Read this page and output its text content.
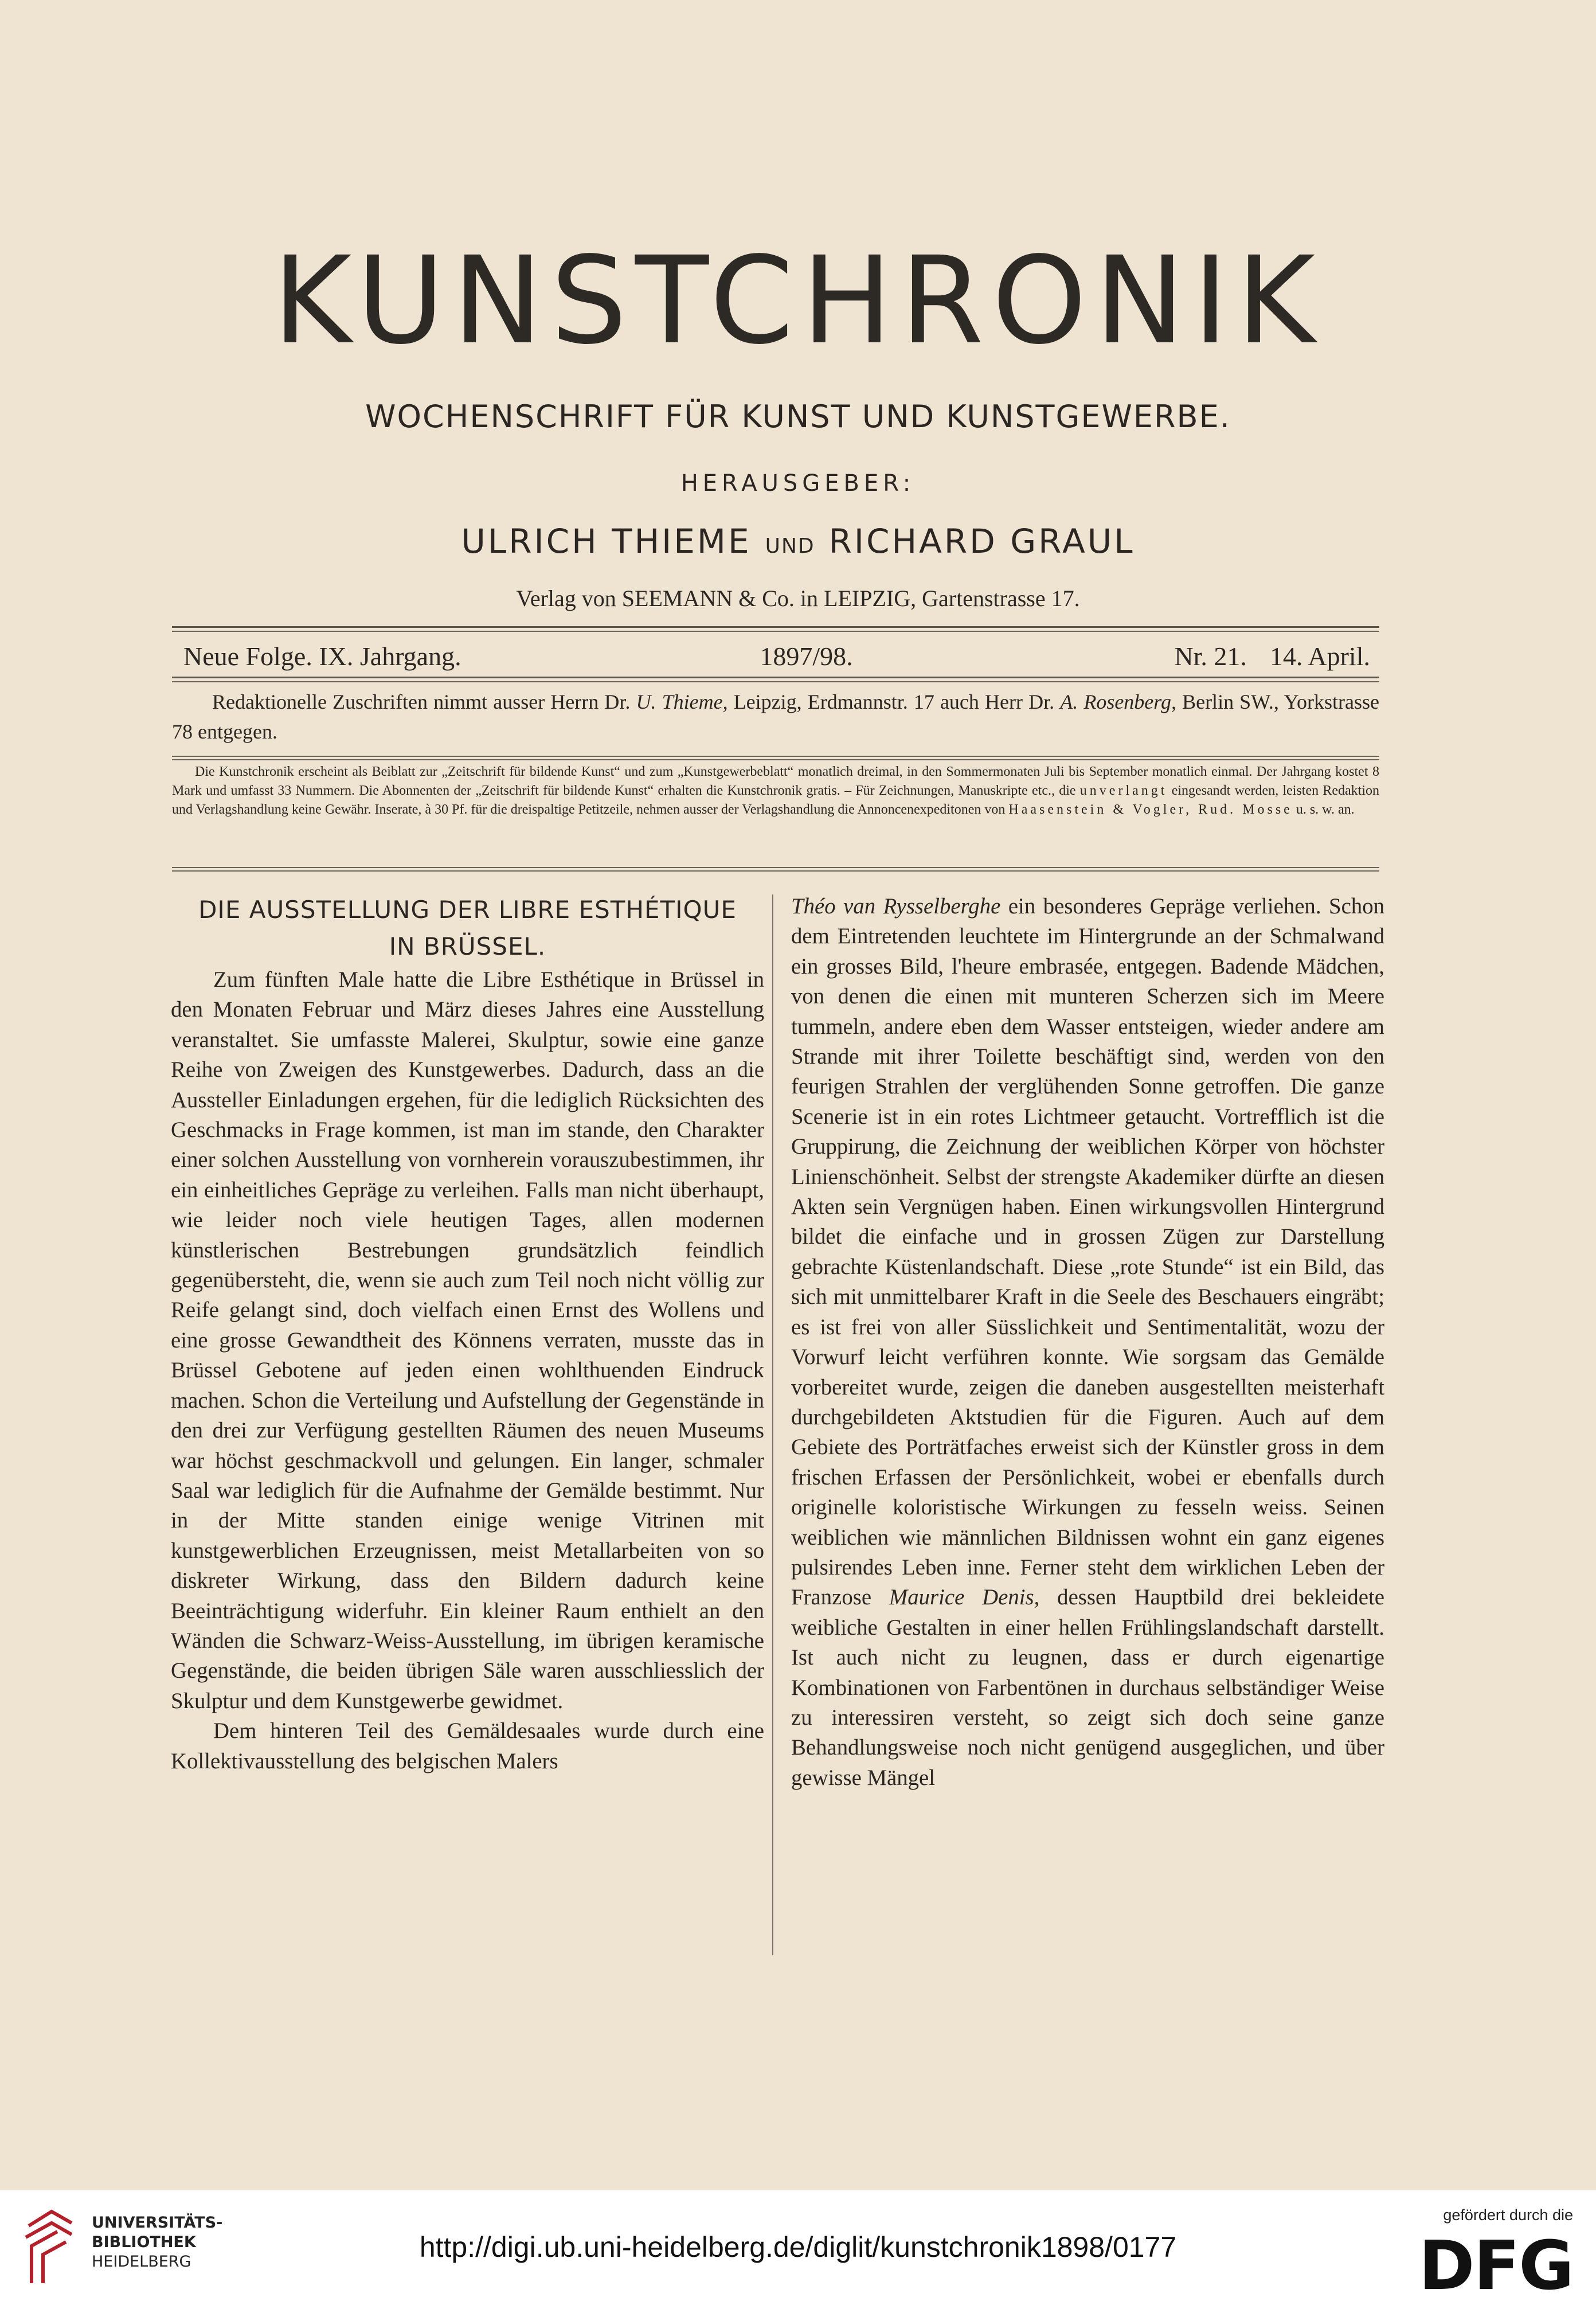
KUNSTCHRONIK
WOCHENSCHRIFT FÜR KUNST UND KUNSTGEWERBE.
HERAUSGEBER:
ULRICH THIEME UND RICHARD GRAUL
Verlag von SEEMANN & Co. in LEIPZIG, Gartenstrasse 17.
Neue Folge. IX. Jahrgang.	1897/98.	Nr. 21. 14. April.
Redaktionelle Zuschriften nimmt ausser Herrn Dr. U. Thieme, Leipzig, Erdmannstr. 17 auch Herr Dr. A. Rosenberg, Berlin SW., Yorkstrasse 78 entgegen.
Die Kunstchronik erscheint als Beiblatt zur „Zeitschrift für bildende Kunst“ und zum „Kunstgewerbeblatt“ monatlich dreimal, in den Sommermonaten Juli bis September monatlich einmal. Der Jahrgang kostet 8 Mark und umfasst 33 Nummern. Die Abonnenten der „Zeitschrift für bildende Kunst“ erhalten die Kunstchronik gratis. – Für Zeichnungen, Manuskripte etc., die unverlangt eingesandt werden, leisten Redaktion und Verlagshandlung keine Gewähr. Inserate, à 30 Pf. für die dreispaltige Petitzeile, nehmen ausser der Verlagshandlung die Annoncenexpeditonen von Haasenstein & Vogler, Rud. Mosse u. s. w. an.
DIE AUSSTELLUNG DER LIBRE ESTHÉTIQUE
IN BRÜSSEL.

Zum fünften Male hatte die Libre Esthétique in Brüssel in den Monaten Februar und März dieses Jahres eine Ausstellung veranstaltet. Sie umfasste Malerei, Skulptur, sowie eine ganze Reihe von Zweigen des Kunstgewerbes. Dadurch, dass an die Aussteller Einladungen ergehen, für die lediglich Rücksichten des Geschmacks in Frage kommen, ist man im stande, den Charakter einer solchen Ausstellung von vornherein vorauszubestimmen, ihr ein einheitliches Gepräge zu verleihen. Falls man nicht überhaupt, wie leider noch viele heutigen Tages, allen modernen künstlerischen Bestrebungen grundsätzlich feindlich gegenübersteht, die, wenn sie auch zum Teil noch nicht völlig zur Reife gelangt sind, doch vielfach einen Ernst des Wollens und eine grosse Gewandtheit des Könnens verraten, musste das in Brüssel Gebotene auf jeden einen wohlthuenden Eindruck machen. Schon die Verteilung und Aufstellung der Gegenstände in den drei zur Verfügung gestellten Räumen des neuen Museums war höchst geschmackvoll und gelungen. Ein langer, schmaler Saal war lediglich für die Aufnahme der Gemälde bestimmt. Nur in der Mitte standen einige wenige Vitrinen mit kunstgewerblichen Erzeugnissen, meist Metallarbeiten von so diskreter Wirkung, dass den Bildern dadurch keine Beeinträchtigung widerfuhr. Ein kleiner Raum enthielt an den Wänden die Schwarz-Weiss-Ausstellung, im übrigen keramische Gegenstände, die beiden übrigen Säle waren ausschliesslich der Skulptur und dem Kunstgewerbe gewidmet.

Dem hinteren Teil des Gemäldesaales wurde durch eine Kollektivausstellung des belgischen Malers

Théo van Rysselberghe ein besonderes Gepräge verliehen. Schon dem Eintretenden leuchtete im Hintergrunde an der Schmalwand ein grosses Bild, l'heure embrasée, entgegen. Badende Mädchen, von denen die einen mit munteren Scherzen sich im Meere tummeln, andere eben dem Wasser entsteigen, wieder andere am Strande mit ihrer Toilette beschäftigt sind, werden von den feurigen Strahlen der verglühenden Sonne getroffen. Die ganze Scenerie ist in ein rotes Lichtmeer getaucht. Vortrefflich ist die Gruppirung, die Zeichnung der weiblichen Körper von höchster Linienschönheit. Selbst der strengste Akademiker dürfte an diesen Akten sein Vergnügen haben. Einen wirkungsvollen Hintergrund bildet die einfache und in grossen Zügen zur Darstellung gebrachte Küstenlandschaft. Diese „rote Stunde“ ist ein Bild, das sich mit unmittelbarer Kraft in die Seele des Beschauers eingräbt; es ist frei von aller Süsslichkeit und Sentimentalität, wozu der Vorwurf leicht verführen konnte. Wie sorgsam das Gemälde vorbereitet wurde, zeigen die daneben ausgestellten meisterhaft durchgebildeten Aktstudien für die Figuren. Auch auf dem Gebiete des Porträtfaches erweist sich der Künstler gross in dem frischen Erfassen der Persönlichkeit, wobei er ebenfalls durch originelle koloristische Wirkungen zu fesseln weiss. Seinen weiblichen wie männlichen Bildnissen wohnt ein ganz eigenes pulsirendes Leben inne. Ferner steht dem wirklichen Leben der Franzose Maurice Denis, dessen Hauptbild drei bekleidete weibliche Gestalten in einer hellen Frühlingslandschaft darstellt. Ist auch nicht zu leugnen, dass er durch eigenartige Kombinationen von Farbentönen in durchaus selbständiger Weise zu interessiren versteht, so zeigt sich doch seine ganze Behandlungsweise noch nicht genügend ausgeglichen, und über gewisse Mängel

UNIVERSITÄTS-
BIBLIOTHEK
HEIDELBERG	http://digi.ub.uni-heidelberg.de/diglit/kunstchronik1898/0177
gefördert durch die
DFG
